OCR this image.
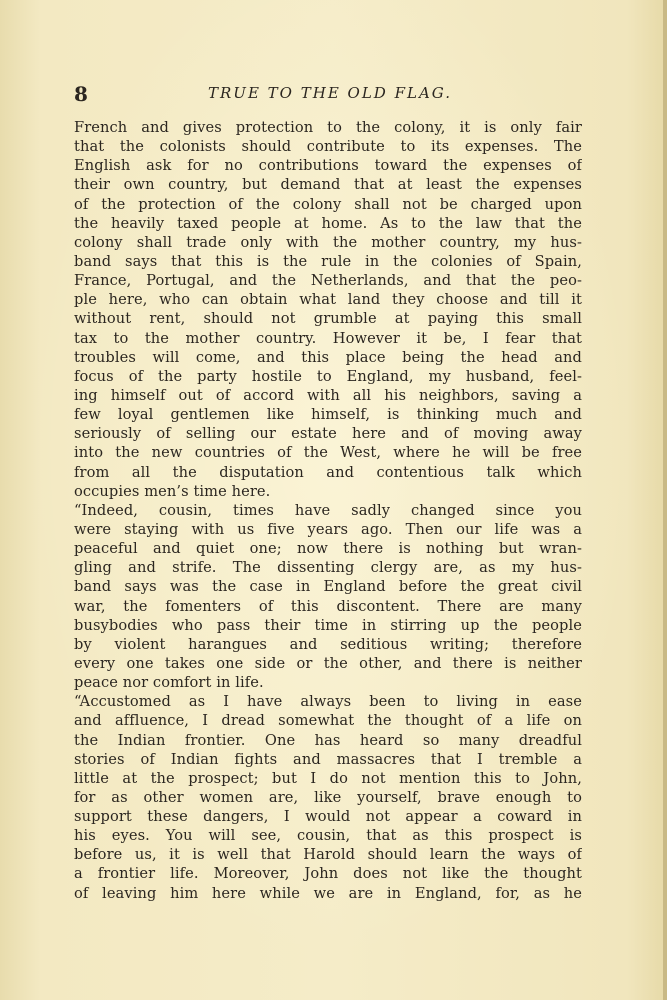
8	TRUE TO THE OLD FLAG.
French and gives protection to the colony, it is only fair
that the colonists should contribute to its expenses. The
English ask for no contributions toward the expenses of
their own country, but demand that at least the expenses
of the protection of the colony shall not be charged upon
the heavily taxed people at home. As to the law that the
colony shall trade only with the mother country, my hus-
band says that this is the rule in the colonies of Spain,
France, Portugal, and the Netherlands, and that the peo-
ple here, who can obtain what land they choose and till it
without rent, should not grumble at paying this small
tax to the mother country. However it be, I fear that
troubles will come, and this place being the head and
focus of the party hostile to England, my husband, feel-
ing himself out of accord with all his neighbors, saving a
few loyal gentlemen like himself, is thinking much and
seriously of selling our estate here and of moving away
into the new countries of the West, where he will be free
from all the disputation and contentious talk which
occupies men’s time here.
“Indeed, cousin, times have sadly changed since you
were staying with us five years ago. Then our life was a
peaceful and quiet one; now there is nothing but wran-
gling and strife. The dissenting clergy are, as my hus-
band says was the case in England before the great civil
war, the fomenters of this discontent. There are many
busybodies who pass their time in stirring up the people
by violent harangues and seditious writing; therefore
every one takes one side or the other, and there is neither
peace nor comfort in life.
“Accustomed as I have always been to living in ease
and affluence, I dread somewhat the thought of a life on
the Indian frontier. One has heard so many dreadful
stories of Indian fights and massacres that I tremble a
little at the prospect; but I do not mention this to John,
for as other women are, like yourself, brave enough to
support these dangers, I would not appear a coward in
his eyes. You will see, cousin, that as this prospect is
before us, it is well that Harold should learn the ways of
a frontier life. Moreover, John does not like the thought
of leaving him here while we are in England, for, as he
